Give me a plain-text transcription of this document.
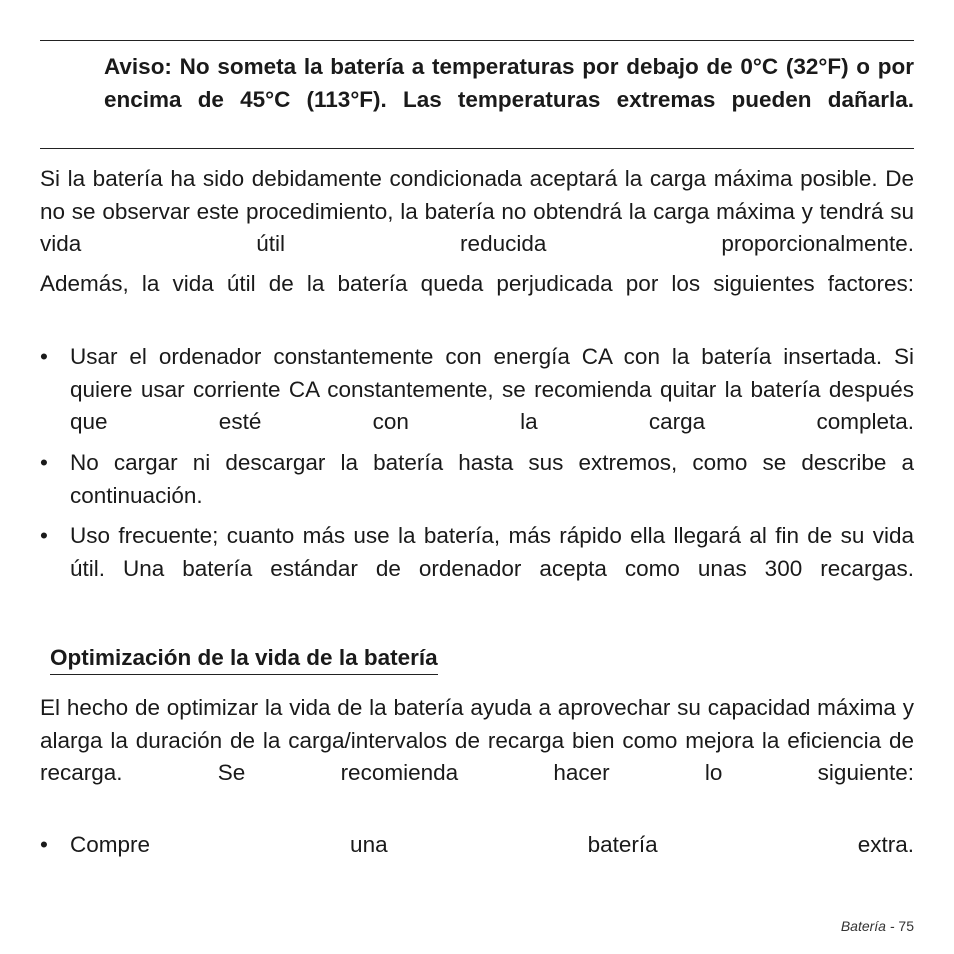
Aviso: No someta la batería a temperaturas por debajo de 0°C (32°F) o por encima de 45°C (113°F). Las temperaturas extremas pueden dañarla.

Si la batería ha sido debidamente condicionada aceptará la carga máxima posible. De no se observar este procedimiento, la batería no obtendrá la carga máxima y tendrá su vida útil reducida proporcionalmente.

Además, la vida útil de la batería queda perjudicada por los siguientes factores:

• Usar el ordenador constantemente con energía CA con la batería insertada. Si quiere usar corriente CA constantemente, se recomienda quitar la batería después que esté con la carga completa.

• No cargar ni descargar la batería hasta sus extremos, como se describe a continuación.

• Uso frecuente; cuanto más use la batería, más rápido ella llegará al fin de su vida útil. Una batería estándar de ordenador acepta como unas 300 recargas.

Optimización de la vida de la batería

El hecho de optimizar la vida de la batería ayuda a aprovechar su capacidad máxima y alarga la duración de la carga/intervalos de recarga bien como mejora la eficiencia de recarga. Se recomienda hacer lo siguiente:

• Compre una batería extra.

Batería - 75
